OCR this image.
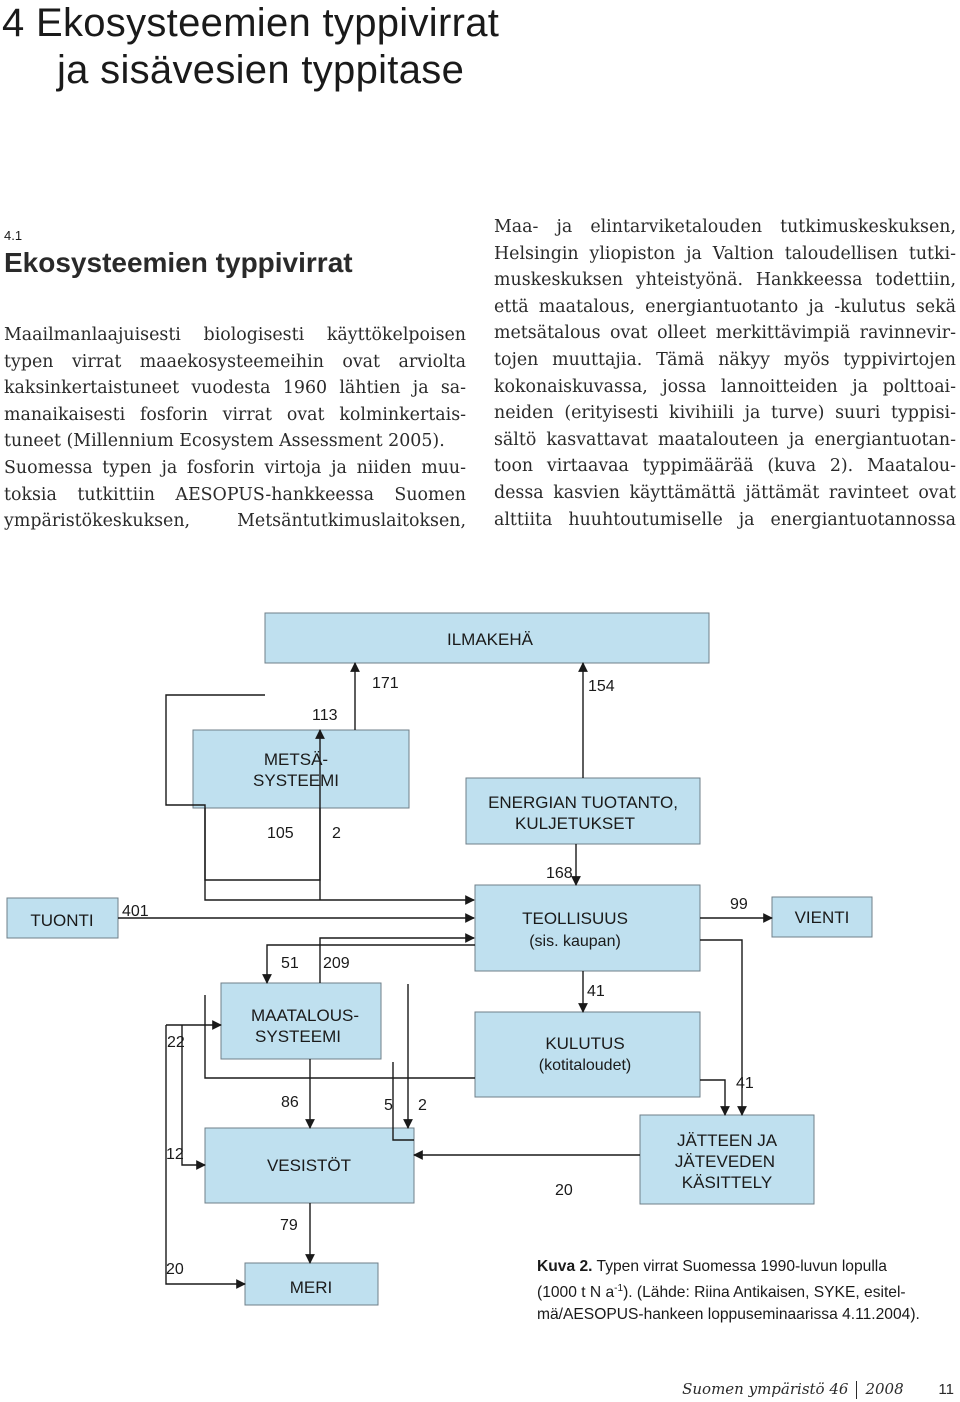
4 Ekosysteemien typpivirrat
ja sisävesien typpitase
4.1
Ekosysteemien typpivirrat
Maailmanlaajuisesti biologisesti käyttökelpoisen
typen virrat maaekosysteemeihin ovat arviolta
kaksinkertaistuneet vuodesta 1960 lähtien ja sa-
manaikaisesti fosforin virrat ovat kolminkertais-
tuneet (Millennium Ecosystem Assessment 2005).
Suomessa typen ja fosforin virtoja ja niiden muu-
toksia tutkittiin AESOPUS-hankkeessa Suomen
ympäristökeskuksen, Metsäntutkimuslaitoksen,
Maa- ja elintarviketalouden tutkimuskeskuksen,
Helsingin yliopiston ja Valtion taloudellisen tutki-
muskeskuksen yhteistyönä. Hankkeessa todettiin,
että maatalous, energiantuotanto ja -kulutus sekä
metsätalous ovat olleet merkittävimpiä ravinnevir-
tojen muuttajia. Tämä näkyy myös typpivirtojen
kokonaiskuvassa, jossa lannoitteiden ja polttoai-
neiden (erityisesti kivihiili ja turve) suuri typpisi-
sältö kasvattavat maatalouteen ja energiantuotan-
toon virtaavaa typpimäärää (kuva 2). Maatalou-
dessa kasvien käyttämättä jättämät ravinteet ovat
alttiita huuhtoutumiselle ja energiantuotannossa
ILMAKEHÄ
METSÄ-
SYSTEEMI
ENERGIAN TUOTANTO,
KULJETUKSET
TUONTI	TEOLLISUUS
(sis. kaupan)
VIENTI
MAATALOUS-
SYSTEEMI	KULUTUS
(kotitaloudet)
VESISTÖT
JÄTTEEN JA
JÄTEVEDEN
KÄSITTELY
MERI
171	154
113
105 2
168
401	99
51 209
41
22
41
86	5 2
12
20
79
20	Kuva 2. Typen virrat Suomessa 1990-luvun lopulla
(1000 t N $a^{-1}$). (Lähde: Riina Antikaisen, SYKE, esitel-
mä/AESOPUS-hankeen loppuseminaarissa 4.11.2004).
Suomen ympäristö 46 2008 11
